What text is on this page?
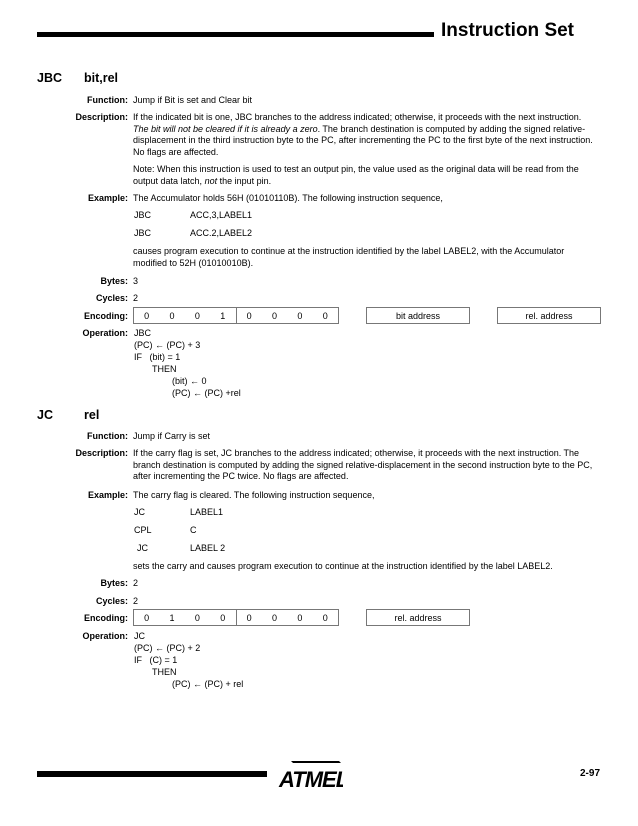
Instruction Set
JBC bit,rel
Function: Jump if Bit is set and Clear bit
Description: If the indicated bit is one, JBC branches to the address indicated; otherwise, it proceeds with the next instruction. The bit will not be cleared if it is already a zero. The branch destination is computed by adding the signed relative-displacement in the third instruction byte to the PC, after incrementing the PC to the first byte of the next instruction. No flags are affected.
Note: When this instruction is used to test an output pin, the value used as the original data will be read from the output data latch, not the input pin.
Example: The Accumulator holds 56H (01010110B). The following instruction sequence,
JBC	ACC,3,LABEL1
JBC	ACC.2,LABEL2
causes program execution to continue at the instruction identified by the label LABEL2, with the Accumulator modified to 52H (01010010B).
Bytes: 3
Cycles: 2
Encoding:	0	0	0	1	0	0	0	0	bit address	rel. address
Operation: JBC
(PC) ← (PC) + 3
IF   (bit) = 1
THEN
(bit) ← 0
(PC) ← (PC) +rel
JC rel
Function: Jump if Carry is set
Description: If the carry flag is set, JC branches to the address indicated; otherwise, it proceeds with the next instruction. The branch destination is computed by adding the signed relative-displacement in the second instruction byte to the PC, after incrementing the PC twice. No flags are affected.
Example: The carry flag is cleared. The following instruction sequence,
JC	LABEL1
CPL	C
JC	LABEL 2
sets the carry and causes program execution to continue at the instruction identified by the label LABEL2.
Bytes: 2
Cycles: 2
Encoding:	0	1	0	0	0	0	0	0	rel. address
Operation: JC
(PC) ← (PC) + 2
IF   (C) = 1
THEN
(PC) ← (PC) + rel
ATMEL	2-97
